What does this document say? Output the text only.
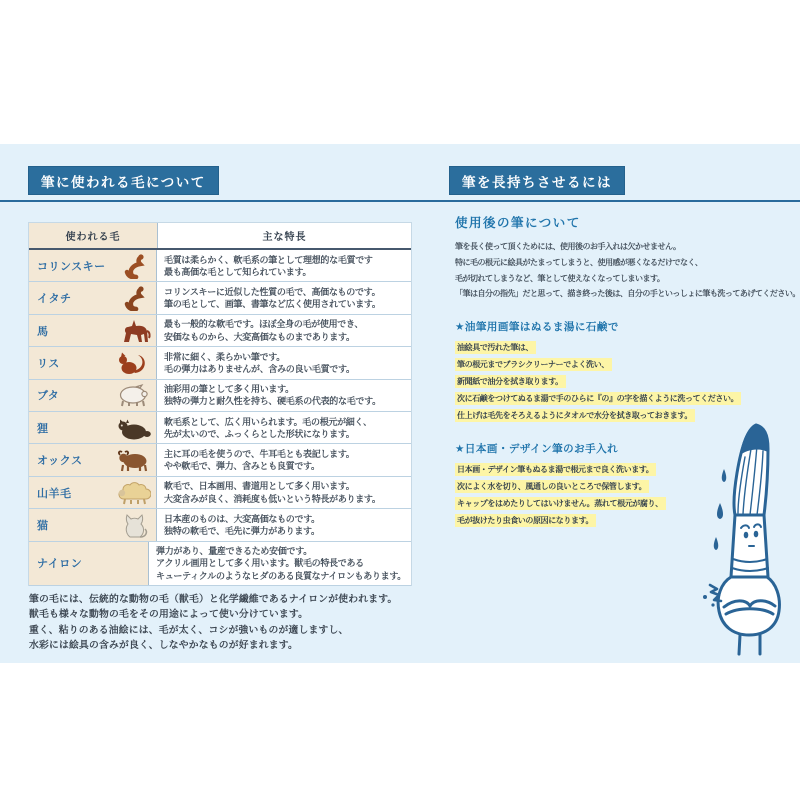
筆に使われる毛について	筆を長持ちさせるには
使われる毛	主な特長
コリンスキー
毛質は柔らかく、軟毛系の筆として理想的な毛質です
最も高価な毛として知られています。
イタチ
コリンスキーに近似した性質の毛で、高価なものです。
筆の毛として、画筆、書筆など広く使用されています。
馬
最も一般的な軟毛です。ほぼ全身の毛が使用でき、
安価なものから、大変高価なものまであります。
リス
非常に細く、柔らかい筆です。
毛の弾力はありませんが、含みの良い毛質です。
ブタ
油彩用の筆として多く用います。
独特の弾力と耐久性を持ち、硬毛系の代表的な毛です。
狸
軟毛系として、広く用いられます。毛の根元が細く、
先が太いので、ふっくらとした形状になります。
オックス
主に耳の毛を使うので、牛耳毛とも表記します。
やや軟毛で、弾力、含みとも良質です。
山羊毛
軟毛で、日本画用、書道用として多く用います。
大変含みが良く、消耗度も低いという特長があります。
猫
日本産のものは、大変高価なものです。
独特の軟毛で、毛先に弾力があります。
ナイロン
弾力があり、量産できるため安価です。
アクリル画用として多く用います。獣毛の特長である
キューティクルのようなヒダのある良質なナイロンもあります。
筆の毛には、伝統的な動物の毛（獣毛）と化学繊維であるナイロンが使われます。
獣毛も様々な動物の毛をその用途によって使い分けています。
重く、粘りのある油絵には、毛が太く、コシが強いものが適しますし、
水彩には絵具の含みが良く、しなやかなものが好まれます。
使用後の筆について
筆を長く使って頂くためには、使用後のお手入れは欠かせません。
特に毛の根元に絵具がたまってしまうと、使用感が悪くなるだけでなく、
毛が切れてしまうなど、筆として使えなくなってしまいます。
「筆は自分の指先」だと思って、描き終った後は、自分の手といっしょに筆も洗ってあげてください。
★油筆用画筆はぬるま湯に石鹸で
油絵具で汚れた筆は、
筆の根元までブラシクリーナーでよく洗い、
新聞紙で油分を拭き取ります。
次に石鹸をつけてぬるま湯で手のひらに『の』の字を描くように洗ってください。
仕上げは毛先をそろえるようにタオルで水分を拭き取っておきます。
★日本画・デザイン筆のお手入れ
日本画・デザイン筆もぬるま湯で根元まで良く洗います。
次によく水を切り、風通しの良いところで保管します。
キャップをはめたりしてはいけません。蒸れて根元が腐り、
毛が抜けたり虫食いの原因になります。
